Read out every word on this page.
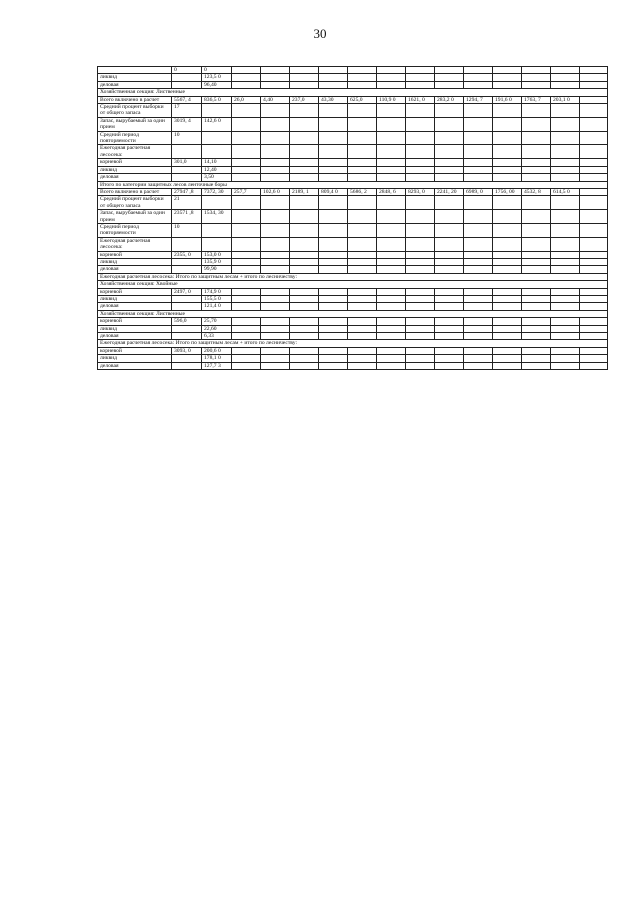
30
	0	0													
ликвид		123,5 0													
деловая		96,40													
Хозяйственная секция: Лиственные															
Всего включено в расчет	5567, 4	836,5 0	26,0	4,40	237,0	43,30	625,0	110,9 0	1621, 0	283,2 0	1294, 7	191,6 0	1763, 7	203,1 0	
Средний процент выборки от общего запаса	17														
Запас, вырубаемый за один прием	3019, 4	142,6 0													
Средний период повторяемости	10														
Ежегодная расчетная лесосека:															
корневой	301,0	14,10													
ликвид		12,40													
деловая		3,50													
Итого по категории защитных лесов ленточные боры															
Всего включено в расчет	27947 ,8	7372, 30	257,7	102,6 0	2189, 1	809,4 0	5686, 2	2848, 6	8293, 0	2241, 20	6989, 0	1756, 00	4532, 8	614,5 0	
Средний процент выборки от общего запаса	21														
Запас, вырубаемый за один прием	23571 ,8	1534, 30													
Средний период повторяемости	10														
Ежегодная расчетная лесосека:															
корневой	2355, 0	153,0 0													
ликвид		135,9 0													
деловая		99,90													
Ежегодная расчетная лесосека: Итого по защитным лесам + итого по лесничеству:															
Хозяйственная секция: Хвойные															
корневой	2497, 0	174,9 0													
ликвид		155,5 0													
деловая		121,4 0													
Хозяйственная секция: Лиственные															
корневой	596,0	25,70													
ликвид		22,60													
деловая		6,33													
Ежегодная расчетная лесосека: Итого по защитным лесам + итого по лесничеству:															
корневой	3093, 0	200,6 0													
ликвид		178,1 0													
деловая		127,7 3													
